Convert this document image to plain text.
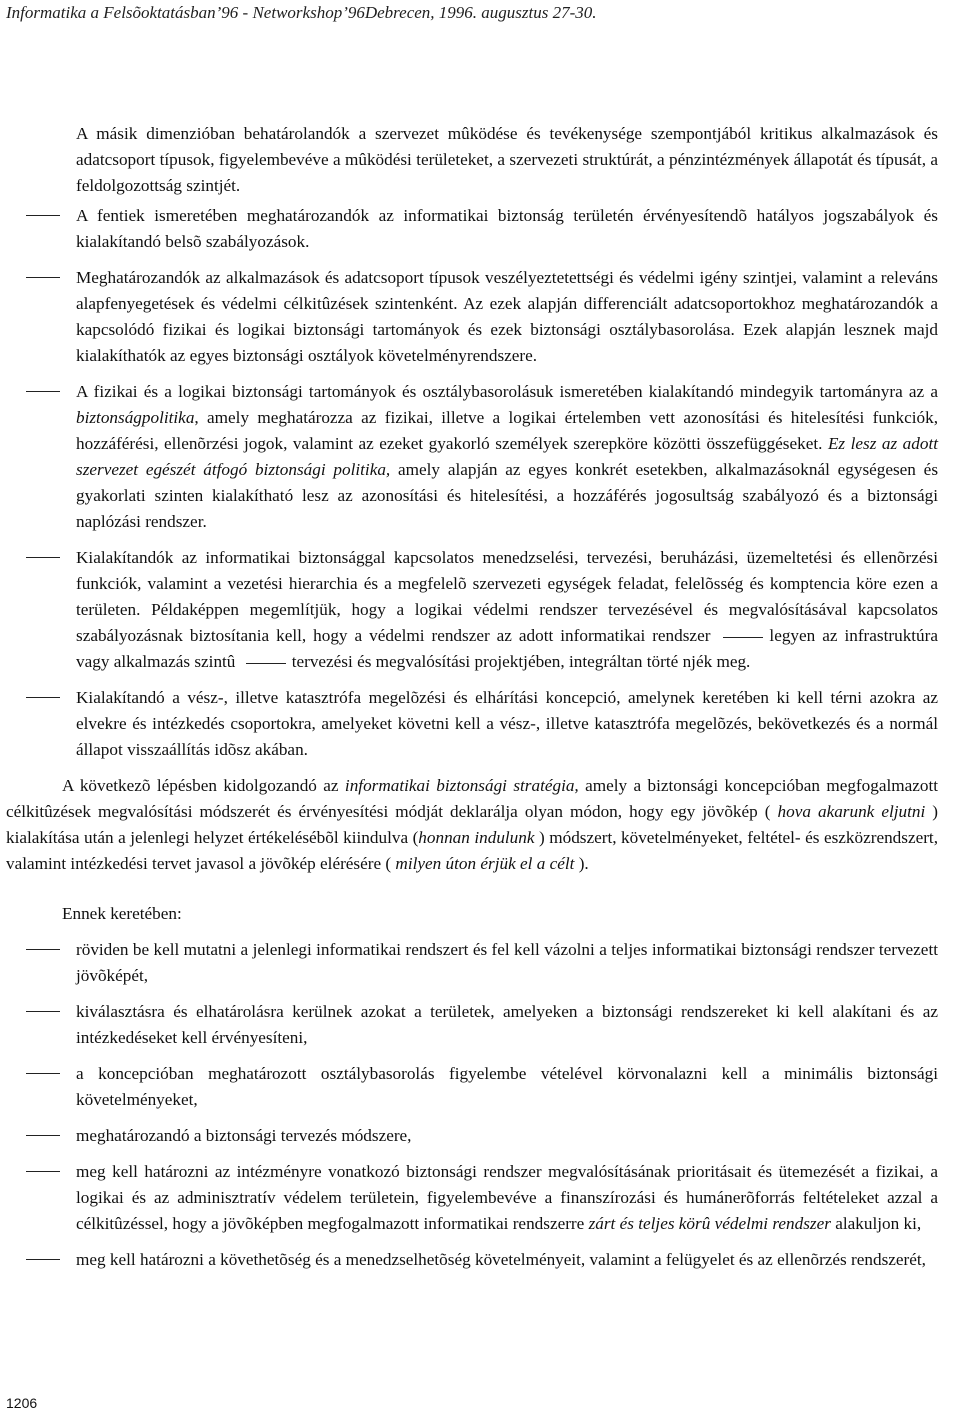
Informatika a Felsõoktatásban’96 - Networkshop’96Debrecen, 1996. augusztus 27-30.

A másik dimenzióban behatárolandók a szervezet mûködése és tevékenysége szempontjából kritikus alkalmazások és adatcsoport típusok, figyelembevéve a mûködési területeket, a szervezeti struktúrát, a pénzintézmények állapotát és típusát, a feldolgozottság szintjét.

A fentiek ismeretében meghatározandók az informatikai biztonság területén érvényesítendõ hatályos jogszabályok és kialakítandó belsõ szabályozások.
Meghatározandók az alkalmazások és adatcsoport típusok veszélyeztetettségi és védelmi igény szintjei, valamint a releváns alapfenyegetések és védelmi célkitûzések szintenként. Az ezek alapján differenciált adatcsoportokhoz meghatározandók a kapcsolódó fizikai és logikai biztonsági tartományok és ezek biztonsági osztálybasorolása. Ezek alapján lesznek majd kialakíthatók az egyes biztonsági osztályok követelményrendszere.
A fizikai és a logikai biztonsági tartományok és osztálybasorolásuk ismeretében kialakítandó mindegyik tartományra az a biztonságpolitika, amely meghatározza az fizikai, illetve a logikai értelemben vett azonosítási és hitelesítési funkciók, hozzáférési, ellenõrzési jogok, valamint az ezeket gyakorló személyek szerepköre közötti összefüggéseket. Ez lesz az adott szervezet egészét átfogó biztonsági politika, amely alapján az egyes konkrét esetekben, alkalmazásoknál egységesen és gyakorlati szinten kialakítható lesz az azonosítási és hitelesítési, a hozzáférés jogosultság szabályozó és a biztonsági naplózási rendszer.
Kialakítandók az informatikai biztonsággal kapcsolatos menedzselési, tervezési, beruházási, üzemeltetési és ellenõrzési funkciók, valamint a vezetési hierarchia és a megfelelõ szervezeti egységek feladat, felelõsség és komptencia köre ezen a területen. Példaképpen megemlítjük, hogy a logikai védelmi rendszer tervezésével és megvalósításával kapcsolatos szabályozásnak biztosítania kell, hogy a védelmi rendszer az adott informatikai rendszer	legyen az infrastruktúra vagy alkalmazás szintû	tervezési és megvalósítási projektjében, integráltan törté njék meg.
Kialakítandó a vész-, illetve katasztrófa megelõzési és elhárítási koncepció, amelynek keretében ki kell térni azokra az elvekre és intézkedés csoportokra, amelyeket követni kell a vész-, illetve katasztrófa megelõzés, bekövetkezés és a normál állapot visszaállítás idõsz akában.

A következõ lépésben kidolgozandó az informatikai biztonsági stratégia, amely a biztonsági koncepcióban megfogalmazott célkitûzések megvalósítási módszerét és érvényesítési módját deklarálja olyan módon, hogy egy jövõkép ( hova akarunk eljutni ) kialakítása után a jelenlegi helyzet értékelésébõl kiindulva (honnan indulunk ) módszert, követelményeket, feltétel- és eszközrendszert, valamint intézkedési tervet javasol a jövõkép elérésére ( milyen úton érjük el a célt ).

Ennek keretében:

röviden be kell mutatni a jelenlegi informatikai rendszert és fel kell vázolni a teljes informatikai biztonsági rendszer tervezett jövõképét,
kiválasztásra és elhatárolásra kerülnek azokat a területek, amelyeken a biztonsági rendszereket ki kell alakítani és az intézkedéseket kell érvényesíteni,
a koncepcióban meghatározott osztálybasorolás figyelembe vételével körvonalazni kell a minimális biztonsági követelményeket,
meghatározandó a biztonsági tervezés módszere,
meg kell határozni az intézményre vonatkozó biztonsági rendszer megvalósításának prioritásait és ütemezését a fizikai, a logikai és az adminisztratív védelem területein, figyelembevéve a finanszírozási és humánerõforrás feltételeket azzal a célkitûzéssel, hogy a jövõképben megfogalmazott informatikai rendszerre zárt és teljes körû védelmi rendszer alakuljon ki,
meg kell határozni a követhetõség és a menedzselhetõség követelményeit, valamint a felügyelet és az ellenõrzés rendszerét,
1206
